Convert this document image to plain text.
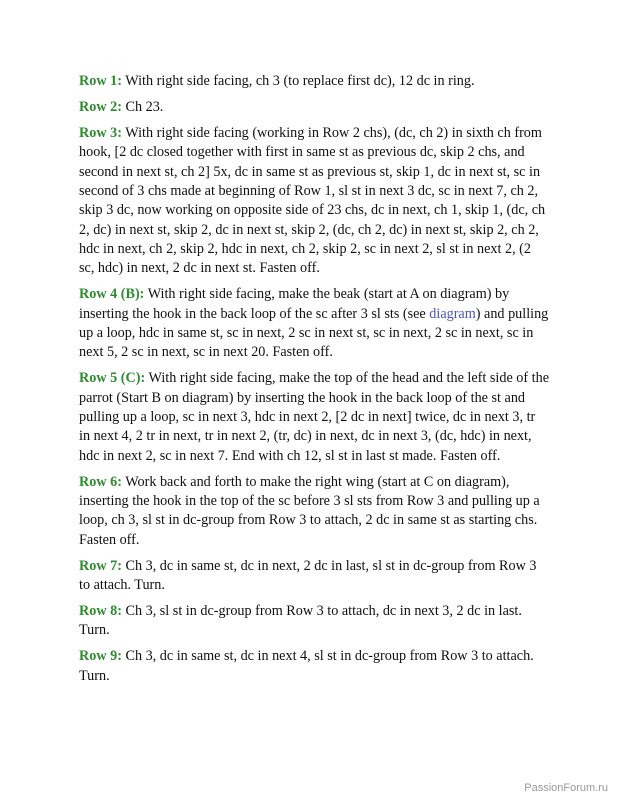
Row 1: With right side facing, ch 3 (to replace first dc), 12 dc in ring.

Row 2: Ch 23.

Row 3: With right side facing (working in Row 2 chs), (dc, ch 2) in sixth ch from hook, [2 dc closed together with first in same st as previous dc, skip 2 chs, and second in next st, ch 2] 5x, dc in same st as previous st, skip 1, dc in next st, sc in second of 3 chs made at beginning of Row 1, sl st in next 3 dc, sc in next 7, ch 2, skip 3 dc, now working on opposite side of 23 chs, dc in next, ch 1, skip 1, (dc, ch 2, dc) in next st, skip 2, dc in next st, skip 2, (dc, ch 2, dc) in next st, skip 2, ch 2, hdc in next, ch 2, skip 2, hdc in next, ch 2, skip 2, sc in next 2, sl st in next 2, (2 sc, hdc) in next, 2 dc in next st. Fasten off.

Row 4 (B): With right side facing, make the beak (start at A on diagram) by inserting the hook in the back loop of the sc after 3 sl sts (see diagram) and pulling up a loop, hdc in same st, sc in next, 2 sc in next st, sc in next, 2 sc in next, sc in next 5, 2 sc in next, sc in next 20. Fasten off.

Row 5 (C): With right side facing, make the top of the head and the left side of the parrot (Start B on diagram) by inserting the hook in the back loop of the st and pulling up a loop, sc in next 3, hdc in next 2, [2 dc in next] twice, dc in next 3, tr in next 4, 2 tr in next, tr in next 2, (tr, dc) in next, dc in next 3, (dc, hdc) in next, hdc in next 2, sc in next 7. End with ch 12, sl st in last st made. Fasten off.

Row 6: Work back and forth to make the right wing (start at C on diagram), inserting the hook in the top of the sc before 3 sl sts from Row 3 and pulling up a loop, ch 3, sl st in dc-group from Row 3 to attach, 2 dc in same st as starting chs. Fasten off.

Row 7: Ch 3, dc in same st, dc in next, 2 dc in last, sl st in dc-group from Row 3 to attach. Turn.

Row 8: Ch 3, sl st in dc-group from Row 3 to attach, dc in next 3, 2 dc in last. Turn.

Row 9: Ch 3, dc in same st, dc in next 4, sl st in dc-group from Row 3 to attach. Turn.

PassionForum.ru
